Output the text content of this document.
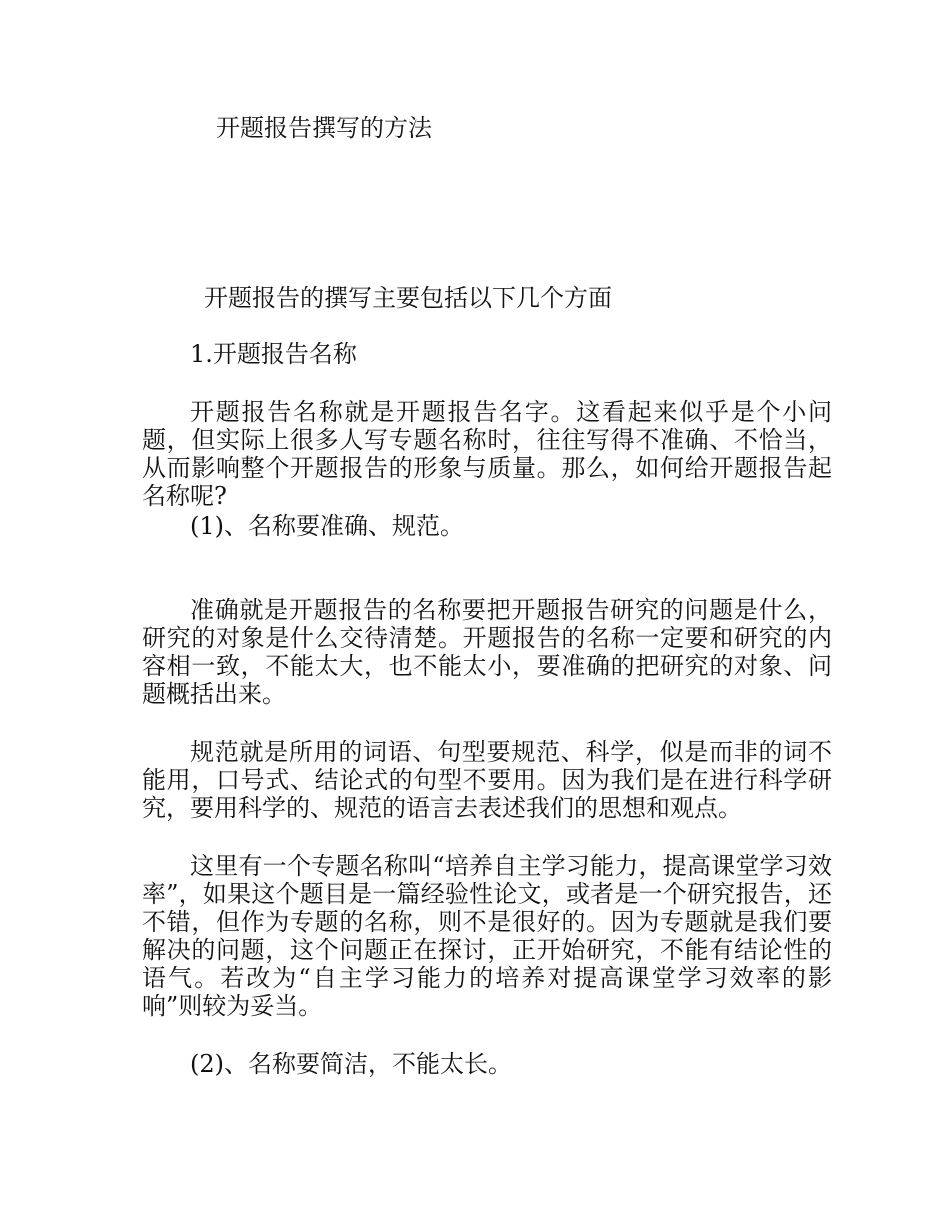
开题报告撰写的方法
开题报告的撰写主要包括以下几个方面

1.开题报告名称

开题报告名称就是开题报告名字。这看起来似乎是个小问题，但实际上很多人写专题名称时，往往写得不准确、不恰当，从而影响整个开题报告的形象与质量。那么，如何给开题报告起名称呢?

(1)、名称要准确、规范。

准确就是开题报告的名称要把开题报告研究的问题是什么，研究的对象是什么交待清楚。开题报告的名称一定要和研究的内容相一致，不能太大，也不能太小，要准确的把研究的对象、问题概括出来。

规范就是所用的词语、句型要规范、科学，似是而非的词不能用，口号式、结论式的句型不要用。因为我们是在进行科学研究，要用科学的、规范的语言去表述我们的思想和观点。

这里有一个专题名称叫“培养自主学习能力，提高课堂学习效率”，如果这个题目是一篇经验性论文，或者是一个研究报告，还不错，但作为专题的名称，则不是很好的。因为专题就是我们要解决的问题，这个问题正在探讨，正开始研究，不能有结论性的语气。若改为“自主学习能力的培养对提高课堂学习效率的影响”则较为妥当。

(2)、名称要简洁，不能太长。
